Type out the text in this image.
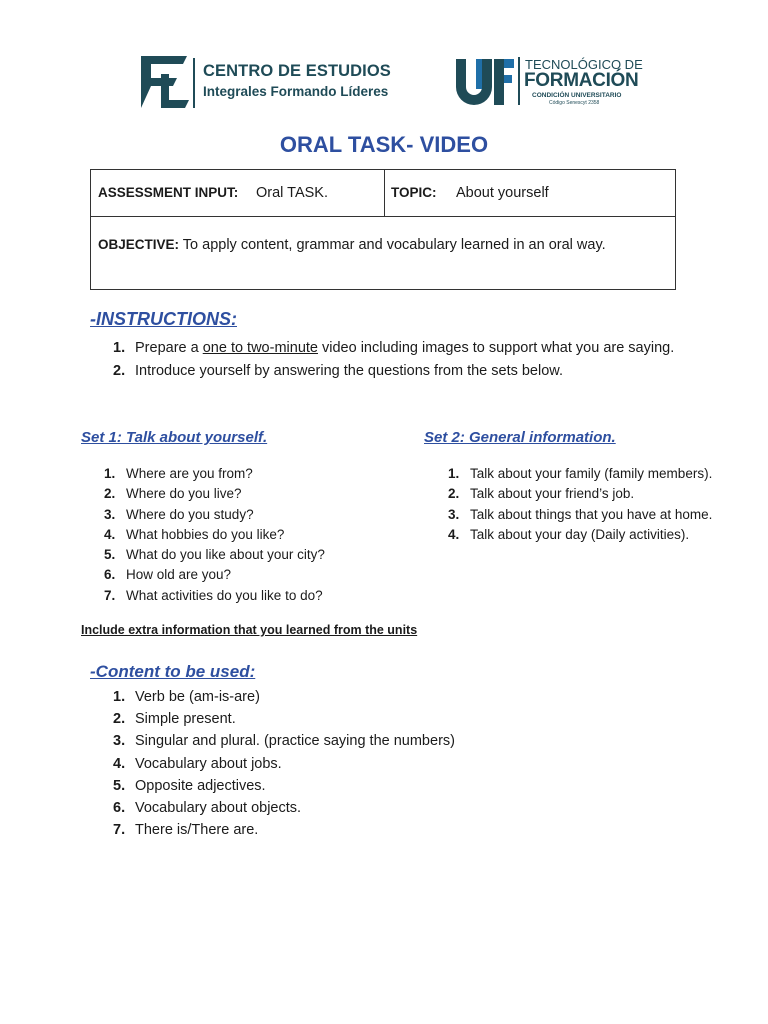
CENTRO DE ESTUDIOS
Integrales Formando Líderes
TECNOLÓGICO DE
FORMACIÓN
CONDICIÓN UNIVERSITARIO
Código Senescyt 2358
ORAL TASK- VIDEO
ASSESSMENT INPUT: Oral TASK.	TOPIC: About yourself
OBJECTIVE: To apply content, grammar and vocabulary learned in an oral way.
-INSTRUCTIONS:
1. Prepare a one to two-minute video including images to support what you are saying.
2. Introduce yourself by answering the questions from the sets below.
Set 1: Talk about yourself.	Set 2: General information.
1. Where are you from?
2. Where do you live?
3. Where do you study?
4. What hobbies do you like?
5. What do you like about your city?
6. How old are you?
7. What activities do you like to do?
1. Talk about your family (family members).
2. Talk about your friend’s job.
3. Talk about things that you have at home.
4. Talk about your day (Daily activities).
Include extra information that you learned from the units
-Content to be used:
1. Verb be (am-is-are)
2. Simple present.
3. Singular and plural. (practice saying the numbers)
4. Vocabulary about jobs.
5. Opposite adjectives.
6. Vocabulary about objects.
7. There is/There are.
